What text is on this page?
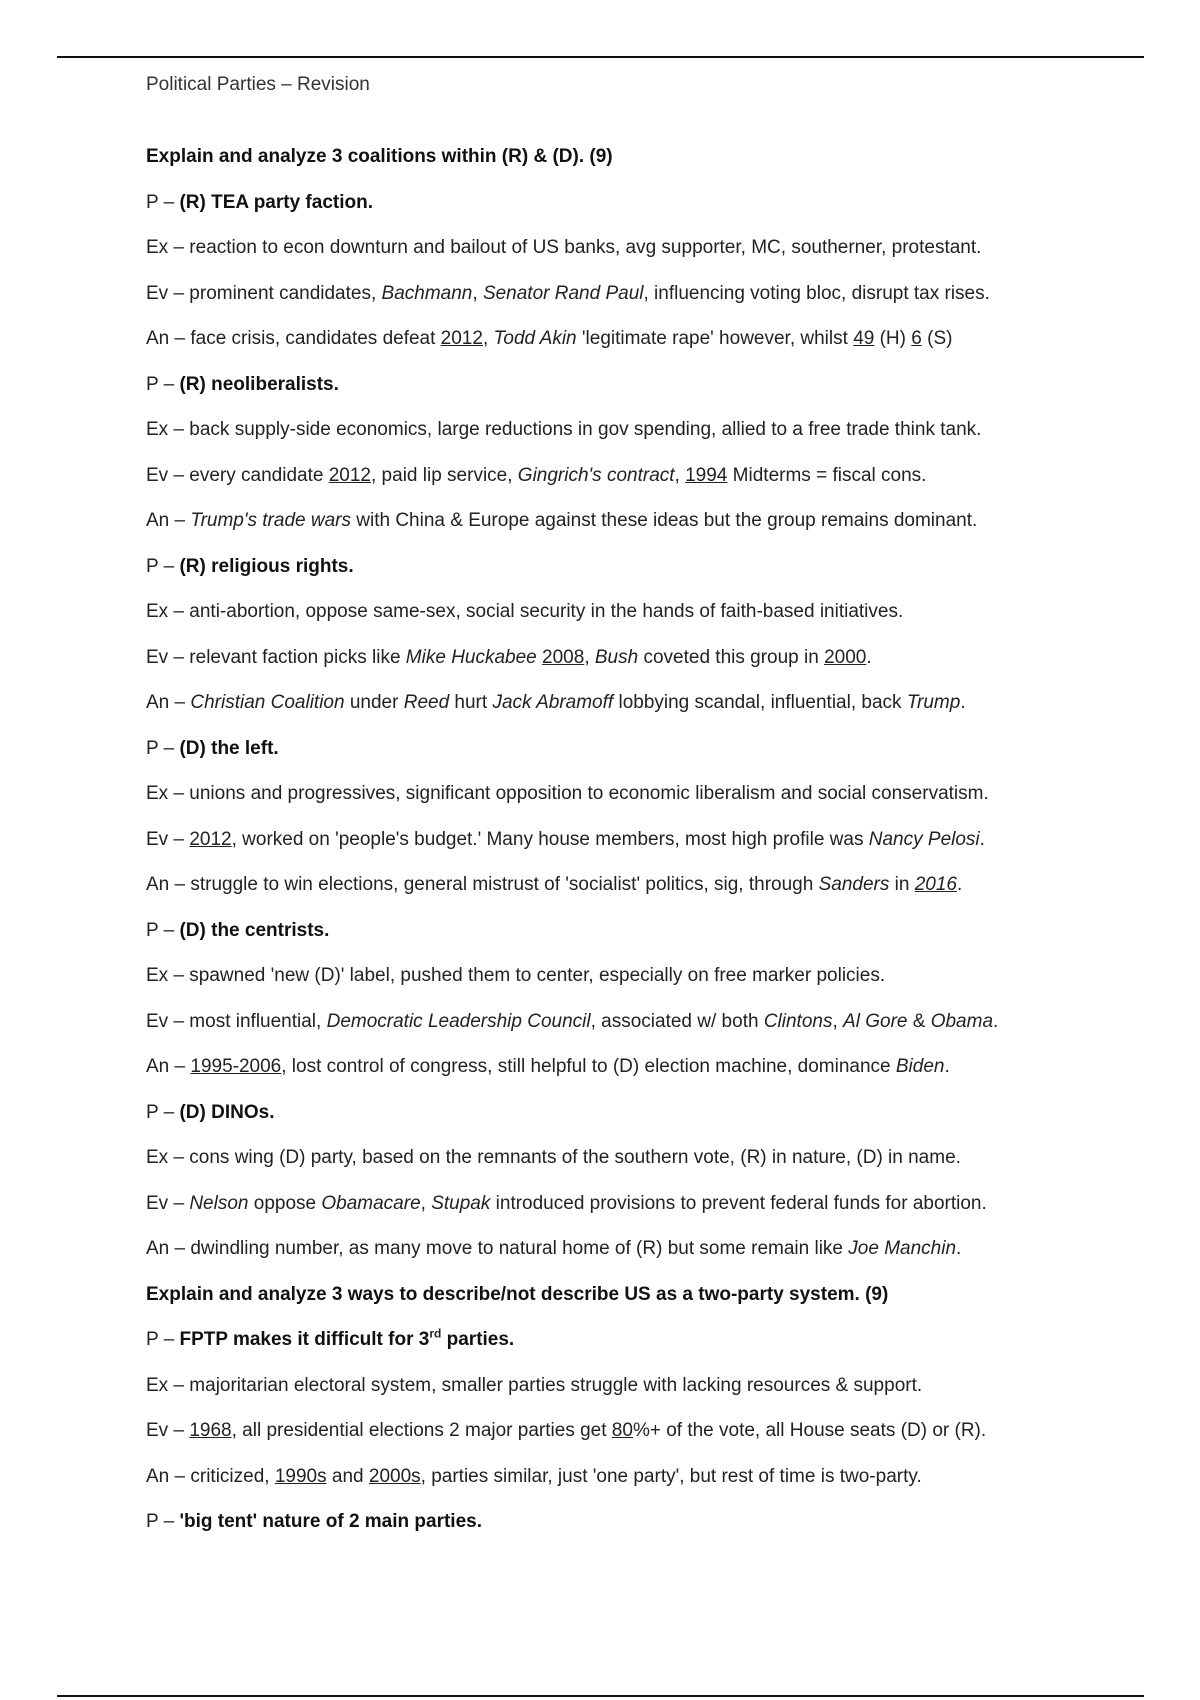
Political Parties – Revision
Explain and analyze 3 coalitions within (R) & (D). (9)
P – (R) TEA party faction.
Ex – reaction to econ downturn and bailout of US banks, avg supporter, MC, southerner, protestant.
Ev – prominent candidates, Bachmann, Senator Rand Paul, influencing voting bloc, disrupt tax rises.
An – face crisis, candidates defeat 2012, Todd Akin 'legitimate rape' however, whilst 49 (H) 6 (S)
P – (R) neoliberalists.
Ex – back supply-side economics, large reductions in gov spending, allied to a free trade think tank.
Ev – every candidate 2012, paid lip service, Gingrich's contract, 1994 Midterms = fiscal cons.
An – Trump's trade wars with China & Europe against these ideas but the group remains dominant.
P – (R) religious rights.
Ex – anti-abortion, oppose same-sex, social security in the hands of faith-based initiatives.
Ev – relevant faction picks like Mike Huckabee 2008, Bush coveted this group in 2000.
An – Christian Coalition under Reed hurt Jack Abramoff lobbying scandal, influential, back Trump.
P – (D) the left.
Ex – unions and progressives, significant opposition to economic liberalism and social conservatism.
Ev – 2012, worked on 'people's budget.' Many house members, most high profile was Nancy Pelosi.
An – struggle to win elections, general mistrust of 'socialist' politics, sig, through Sanders in 2016.
P – (D) the centrists.
Ex – spawned 'new (D)' label, pushed them to center, especially on free marker policies.
Ev – most influential, Democratic Leadership Council, associated w/ both Clintons, Al Gore & Obama.
An – 1995-2006, lost control of congress, still helpful to (D) election machine, dominance Biden.
P – (D) DINOs.
Ex – cons wing (D) party, based on the remnants of the southern vote, (R) in nature, (D) in name.
Ev – Nelson oppose Obamacare, Stupak introduced provisions to prevent federal funds for abortion.
An – dwindling number, as many move to natural home of (R) but some remain like Joe Manchin.
Explain and analyze 3 ways to describe/not describe US as a two-party system. (9)
P – FPTP makes it difficult for 3rd parties.
Ex – majoritarian electoral system, smaller parties struggle with lacking resources & support.
Ev – 1968, all presidential elections 2 major parties get 80%+ of the vote, all House seats (D) or (R).
An – criticized, 1990s and 2000s, parties similar, just 'one party', but rest of time is two-party.
P – 'big tent' nature of 2 main parties.
